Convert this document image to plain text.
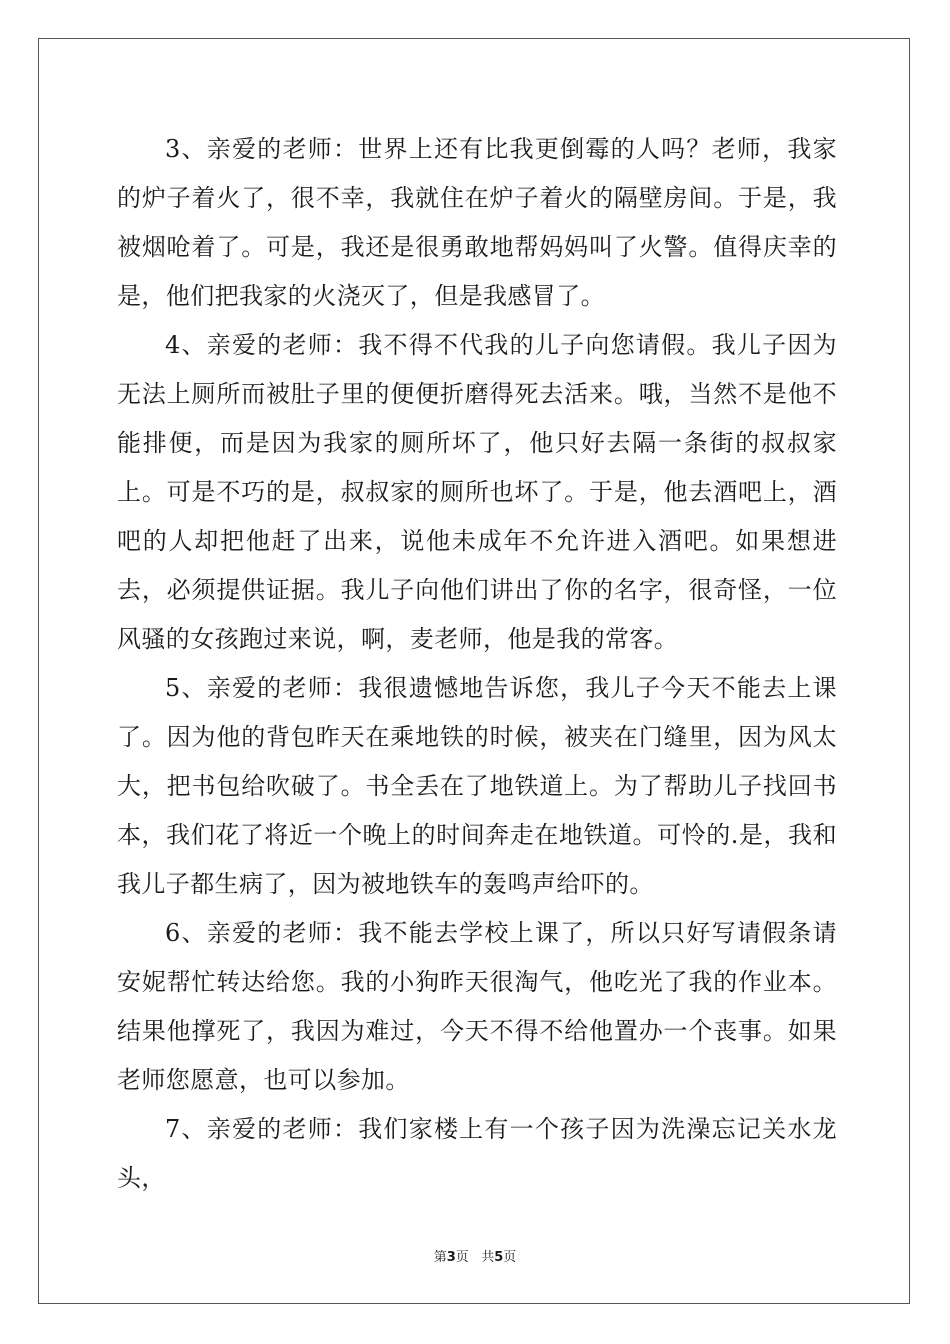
3、亲爱的老师：世界上还有比我更倒霉的人吗？老师，我家的炉子着火了，很不幸，我就住在炉子着火的隔壁房间。于是，我被烟呛着了。可是，我还是很勇敢地帮妈妈叫了火警。值得庆幸的是，他们把我家的火浇灭了，但是我感冒了。

4、亲爱的老师：我不得不代我的儿子向您请假。我儿子因为无法上厕所而被肚子里的便便折磨得死去活来。哦，当然不是他不能排便，而是因为我家的厕所坏了，他只好去隔一条街的叔叔家上。可是不巧的是，叔叔家的厕所也坏了。于是，他去酒吧上，酒吧的人却把他赶了出来，说他未成年不允许进入酒吧。如果想进去，必须提供证据。我儿子向他们讲出了你的名字，很奇怪，一位风骚的女孩跑过来说，啊，麦老师，他是我的常客。

5、亲爱的老师：我很遗憾地告诉您，我儿子今天不能去上课了。因为他的背包昨天在乘地铁的时候，被夹在门缝里，因为风太大，把书包给吹破了。书全丢在了地铁道上。为了帮助儿子找回书本，我们花了将近一个晚上的时间奔走在地铁道。可怜的.是，我和我儿子都生病了，因为被地铁车的轰鸣声给吓的。

6、亲爱的老师：我不能去学校上课了，所以只好写请假条请安妮帮忙转达给您。我的小狗昨天很淘气，他吃光了我的作业本。结果他撑死了，我因为难过，今天不得不给他置办一个丧事。如果老师您愿意，也可以参加。

7、亲爱的老师：我们家楼上有一个孩子因为洗澡忘记关水龙头，

第3页 共5页
